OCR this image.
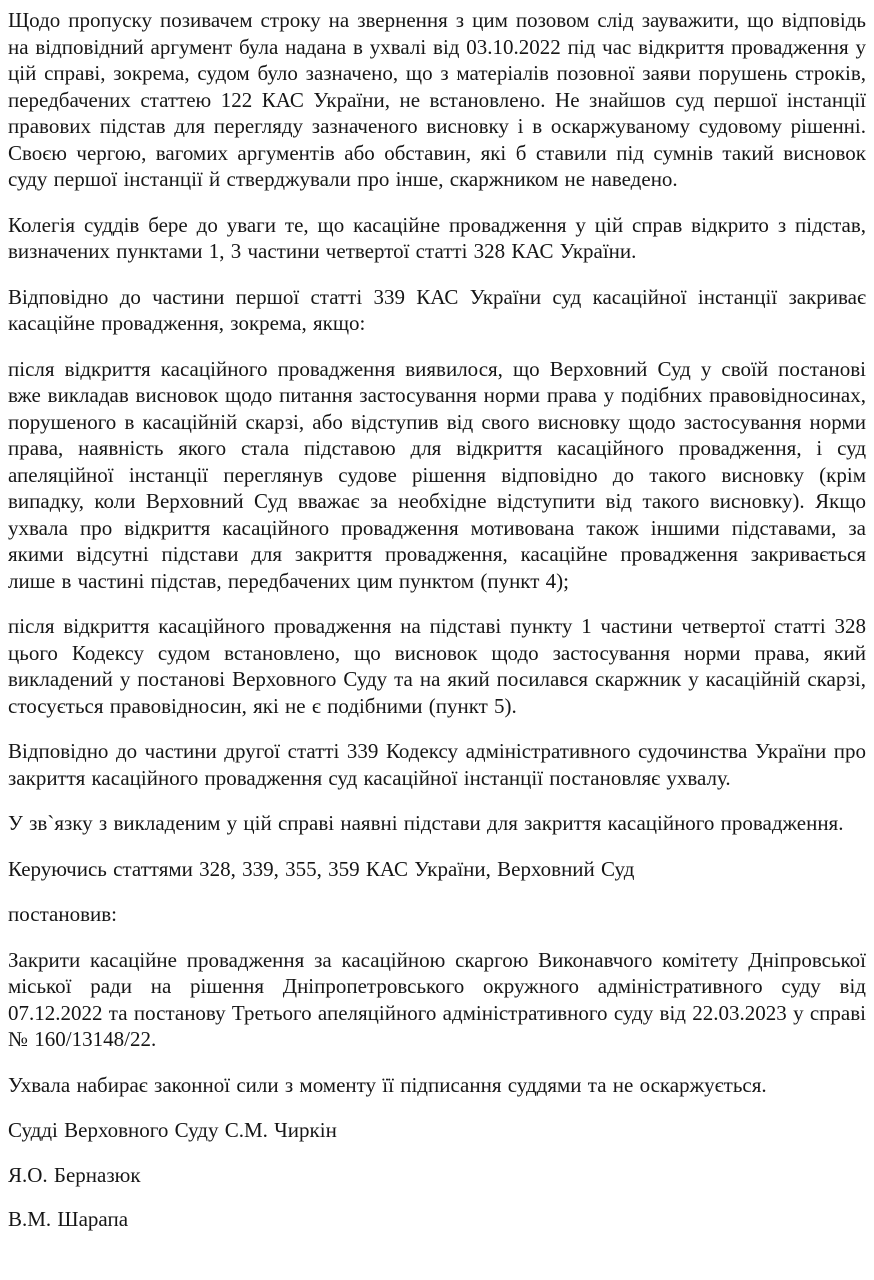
Щодо пропуску позивачем строку на звернення з цим позовом слід зауважити, що відповідь на відповідний аргумент була надана в ухвалі від 03.10.2022 під час відкриття провадження у цій справі, зокрема, судом було зазначено, що з матеріалів позовної заяви порушень строків, передбачених статтею 122 КАС України, не встановлено. Не знайшов суд першої інстанції правових підстав для перегляду зазначеного висновку і в оскаржуваному судовому рішенні. Своєю чергою, вагомих аргументів або обставин, які б ставили під сумнів такий висновок суду першої інстанції й стверджували про інше, скаржником не наведено.

Колегія суддів бере до уваги те, що касаційне провадження у цій справ відкрито з підстав, визначених пунктами 1, 3 частини четвертої статті 328 КАС України.

Відповідно до частини першої статті 339 КАС України суд касаційної інстанції закриває касаційне провадження, зокрема, якщо:

після відкриття касаційного провадження виявилося, що Верховний Суд у своїй постанові вже викладав висновок щодо питання застосування норми права у подібних правовідносинах, порушеного в касаційній скарзі, або відступив від свого висновку щодо застосування норми права, наявність якого стала підставою для відкриття касаційного провадження, і суд апеляційної інстанції переглянув судове рішення відповідно до такого висновку (крім випадку, коли Верховний Суд вважає за необхідне відступити від такого висновку). Якщо ухвала про відкриття касаційного провадження мотивована також іншими підставами, за якими відсутні підстави для закриття провадження, касаційне провадження закривається лише в частині підстав, передбачених цим пунктом (пункт 4);

після відкриття касаційного провадження на підставі пункту 1 частини четвертої статті 328 цього Кодексу судом встановлено, що висновок щодо застосування норми права, який викладений у постанові Верховного Суду та на який посилався скаржник у касаційній скарзі, стосується правовідносин, які не є подібними (пункт 5).

Відповідно до частини другої статті 339 Кодексу адміністративного судочинства України про закриття касаційного провадження суд касаційної інстанції постановляє ухвалу.

У зв`язку з викладеним у цій справі наявні підстави для закриття касаційного провадження.

Керуючись статтями 328, 339, 355, 359 КАС України, Верховний Суд

постановив:

Закрити касаційне провадження за касаційною скаргою Виконавчого комітету Дніпровської міської ради на рішення Дніпропетровського окружного адміністративного суду від 07.12.2022 та постанову Третього апеляційного адміністративного суду від 22.03.2023 у справі № 160/13148/22.

Ухвала набирає законної сили з моменту її підписання суддями та не оскаржується.

Судді Верховного Суду С.М. Чиркін

Я.О. Берназюк

В.М. Шарапа
